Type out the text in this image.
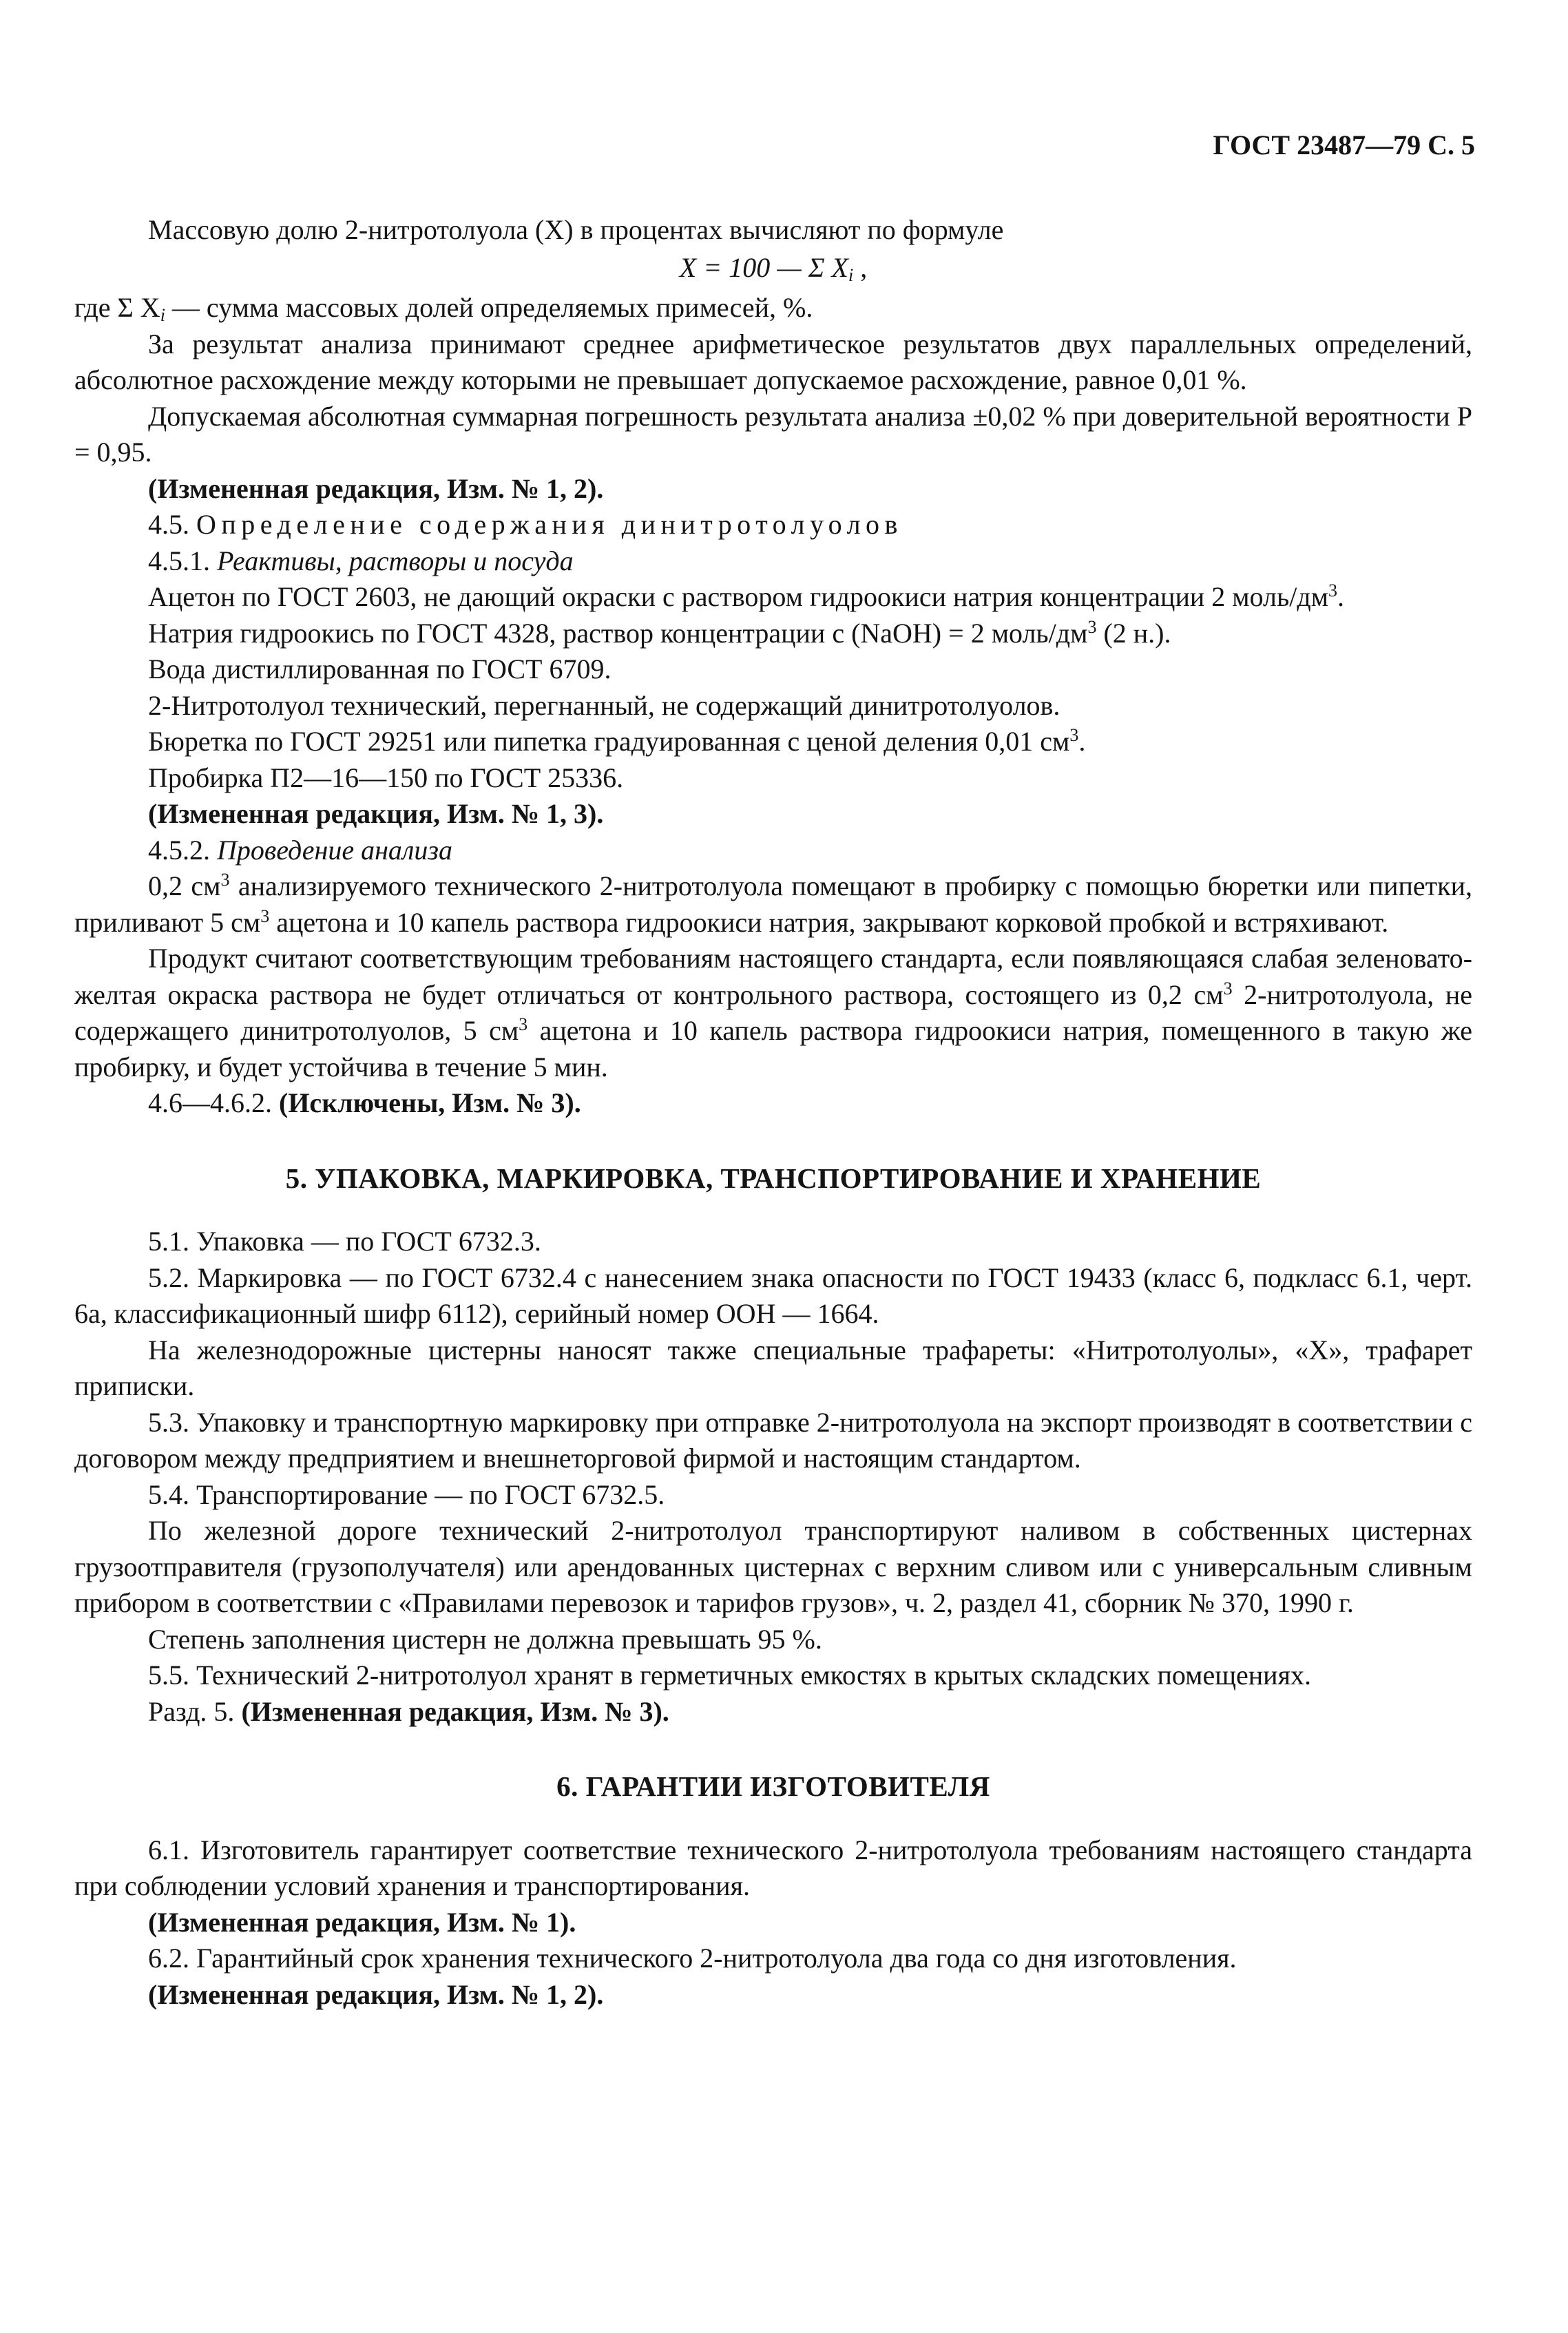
ГОСТ 23487—79 С. 5

Массовую долю 2-нитротолуола (X) в процентах вычисляют по формуле

X = 100 — Σ $X_i$ ,

где Σ $X_i$ — сумма массовых долей определяемых примесей, %.

За результат анализа принимают среднее арифметическое результатов двух параллельных определений, абсолютное расхождение между которыми не превышает допускаемое расхождение, равное 0,01 %.

Допускаемая абсолютная суммарная погрешность результата анализа ±0,02 % при доверительной вероятности P = 0,95.

(Измененная редакция, Изм. № 1, 2).

4.5. Определение содержания динитротолуолов

4.5.1. Реактивы, растворы и посуда

Ацетон по ГОСТ 2603, не дающий окраски с раствором гидроокиси натрия концентрации 2 моль/$дм^3$.

Натрия гидроокись по ГОСТ 4328, раствор концентрации c (NaOH) = 2 моль/$дм^3$ (2 н.).

Вода дистиллированная по ГОСТ 6709.

2-Нитротолуол технический, перегнанный, не содержащий динитротолуолов.

Бюретка по ГОСТ 29251 или пипетка градуированная с ценой деления 0,01 $см^3$.

Пробирка П2—16—150 по ГОСТ 25336.

(Измененная редакция, Изм. № 1, 3).

4.5.2. Проведение анализа

0,2 $см^3$ анализируемого технического 2-нитротолуола помещают в пробирку с помощью бюретки или пипетки, приливают 5 $см^3$ ацетона и 10 капель раствора гидроокиси натрия, закрывают корковой пробкой и встряхивают.

Продукт считают соответствующим требованиям настоящего стандарта, если появляющаяся слабая зеленовато-желтая окраска раствора не будет отличаться от контрольного раствора, состоящего из 0,2 $см^3$ 2-нитротолуола, не содержащего динитротолуолов, 5 $см^3$ ацетона и 10 капель раствора гидроокиси натрия, помещенного в такую же пробирку, и будет устойчива в течение 5 мин.

4.6—4.6.2. (Исключены, Изм. № 3).

5. УПАКОВКА, МАРКИРОВКА, ТРАНСПОРТИРОВАНИЕ И ХРАНЕНИЕ

5.1. Упаковка — по ГОСТ 6732.3.

5.2. Маркировка — по ГОСТ 6732.4 с нанесением знака опасности по ГОСТ 19433 (класс 6, подкласс 6.1, черт. 6а, классификационный шифр 6112), серийный номер ООН — 1664.

На железнодорожные цистерны наносят также специальные трафареты: «Нитротолуолы», «Х», трафарет приписки.

5.3. Упаковку и транспортную маркировку при отправке 2-нитротолуола на экспорт производят в соответствии с договором между предприятием и внешнеторговой фирмой и настоящим стандартом.

5.4. Транспортирование — по ГОСТ 6732.5.

По железной дороге технический 2-нитротолуол транспортируют наливом в собственных цистернах грузоотправителя (грузополучателя) или арендованных цистернах с верхним сливом или с универсальным сливным прибором в соответствии с «Правилами перевозок и тарифов грузов», ч. 2, раздел 41, сборник № 370, 1990 г.

Степень заполнения цистерн не должна превышать 95 %.

5.5. Технический 2-нитротолуол хранят в герметичных емкостях в крытых складских помещениях.

Разд. 5. (Измененная редакция, Изм. № 3).

6. ГАРАНТИИ ИЗГОТОВИТЕЛЯ

6.1. Изготовитель гарантирует соответствие технического 2-нитротолуола требованиям настоящего стандарта при соблюдении условий хранения и транспортирования.

(Измененная редакция, Изм. № 1).

6.2. Гарантийный срок хранения технического 2-нитротолуола два года со дня изготовления.

(Измененная редакция, Изм. № 1, 2).
